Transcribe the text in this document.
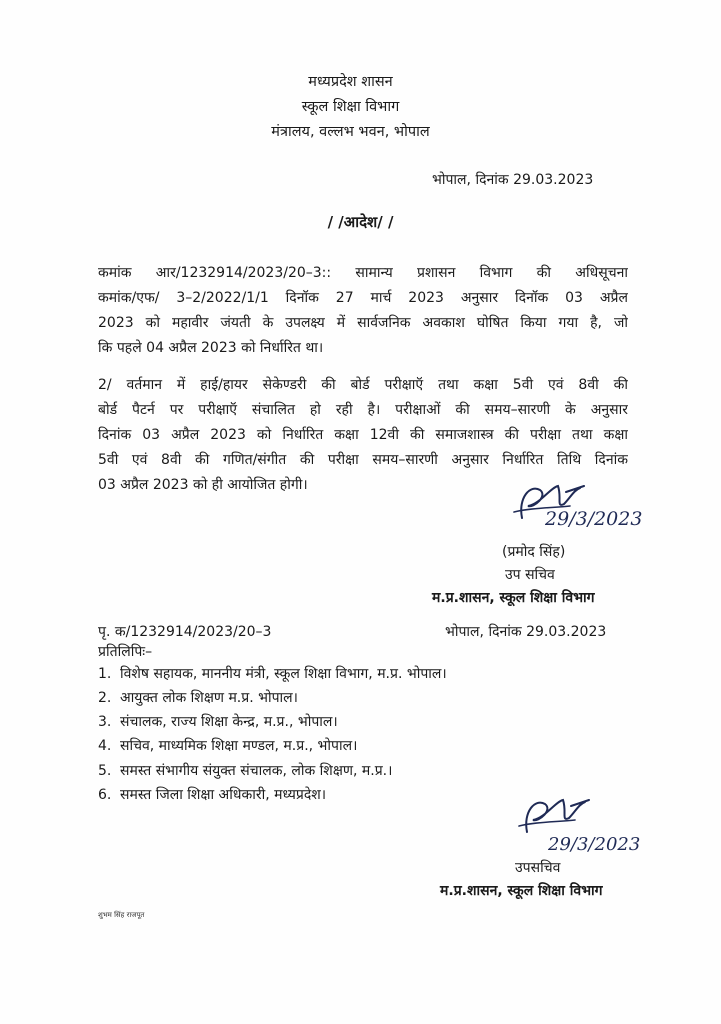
मध्यप्रदेश शासन
स्कूल शिक्षा विभाग
मंत्रालय, वल्लभ भवन, भोपाल
भोपाल, दिनांक 29.03.2023
/ /आदेश/ /
कमांक आर/1232914/2023/20–3:: सामान्य प्रशासन विभाग की अधिसूचना
कमांक/एफ/ 3–2/2022/1/1 दिनॉक 27 मार्च 2023 अनुसार दिनॉक 03 अप्रैल
2023 को महावीर जंयती के उपलक्ष्य में सार्वजनिक अवकाश घोषित किया गया है, जो
कि पहले 04 अप्रैल 2023 को निर्धारित था।
2/ वर्तमान में हाई/हायर सेकेण्डरी की बोर्ड परीक्षाऍ तथा कक्षा 5वी एवं 8वी की
बोर्ड पैटर्न पर परीक्षाऍ संचालित हो रही है। परीक्षाओं की समय–सारणी के अनुसार
दिनांक 03 अप्रैल 2023 को निर्धारित कक्षा 12वी की समाजशास्त्र की परीक्षा तथा कक्षा
5वी एवं 8वी की गणित/संगीत की परीक्षा समय–सारणी अनुसार निर्धारित तिथि दिनांक
03 अप्रैल 2023 को ही आयोजित होगी।
29/3/2023
(प्रमोद सिंह)
उप सचिव
म.प्र.शासन, स्कूल शिक्षा विभाग
पृ. क/1232914/2023/20–3	भोपाल, दिनांक 29.03.2023
प्रतिलिपिः–
1. विशेष सहायक, माननीय मंत्री, स्कूल शिक्षा विभाग, म.प्र. भोपाल।
2. आयुक्त लोक शिक्षण म.प्र. भोपाल।
3. संचालक, राज्य शिक्षा केन्द्र, म.प्र., भोपाल।
4. सचिव, माध्यमिक शिक्षा मण्डल, म.प्र., भोपाल।
5. समस्त संभागीय संयुक्त संचालक, लोक शिक्षण, म.प्र.।
6. समस्त जिला शिक्षा अधिकारी, मध्यप्रदेश।
29/3/2023
उपसचिव
म.प्र.शासन, स्कूल शिक्षा विभाग
शुभम सिंह राजपूत
